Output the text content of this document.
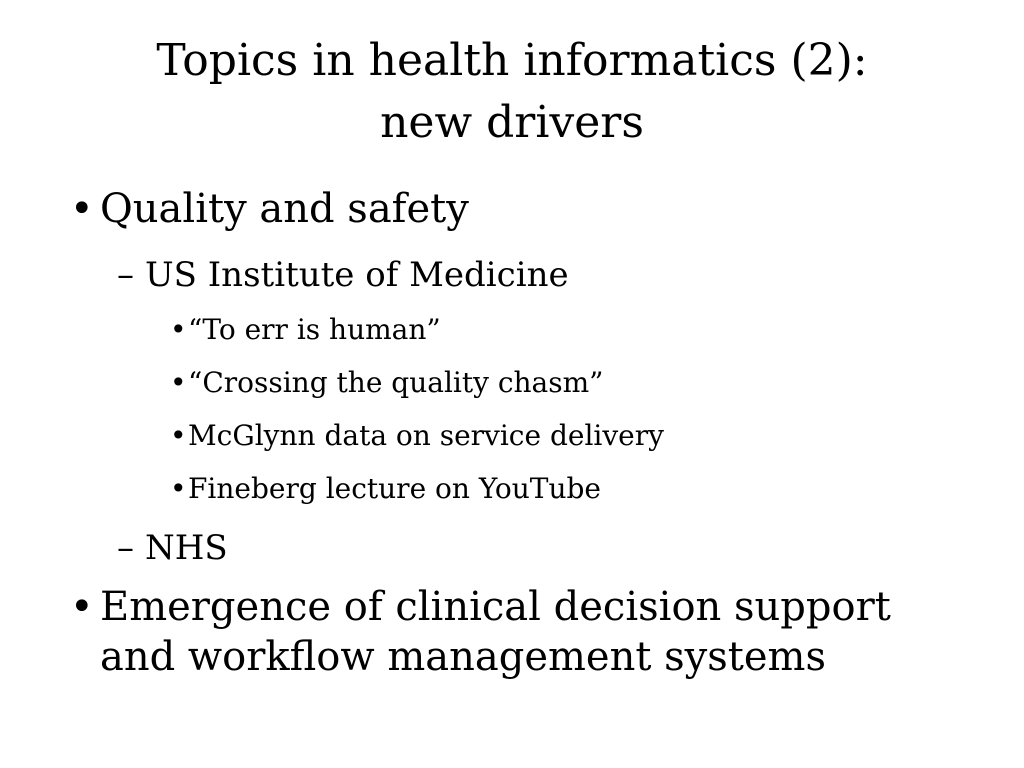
Topics in health informatics (2):
new drivers
• Quality and safety
– US Institute of Medicine
• “To err is human”
• “Crossing the quality chasm”
• McGlynn data on service delivery
• Fineberg lecture on YouTube
– NHS
• Emergence of clinical decision support
and workflow management systems
